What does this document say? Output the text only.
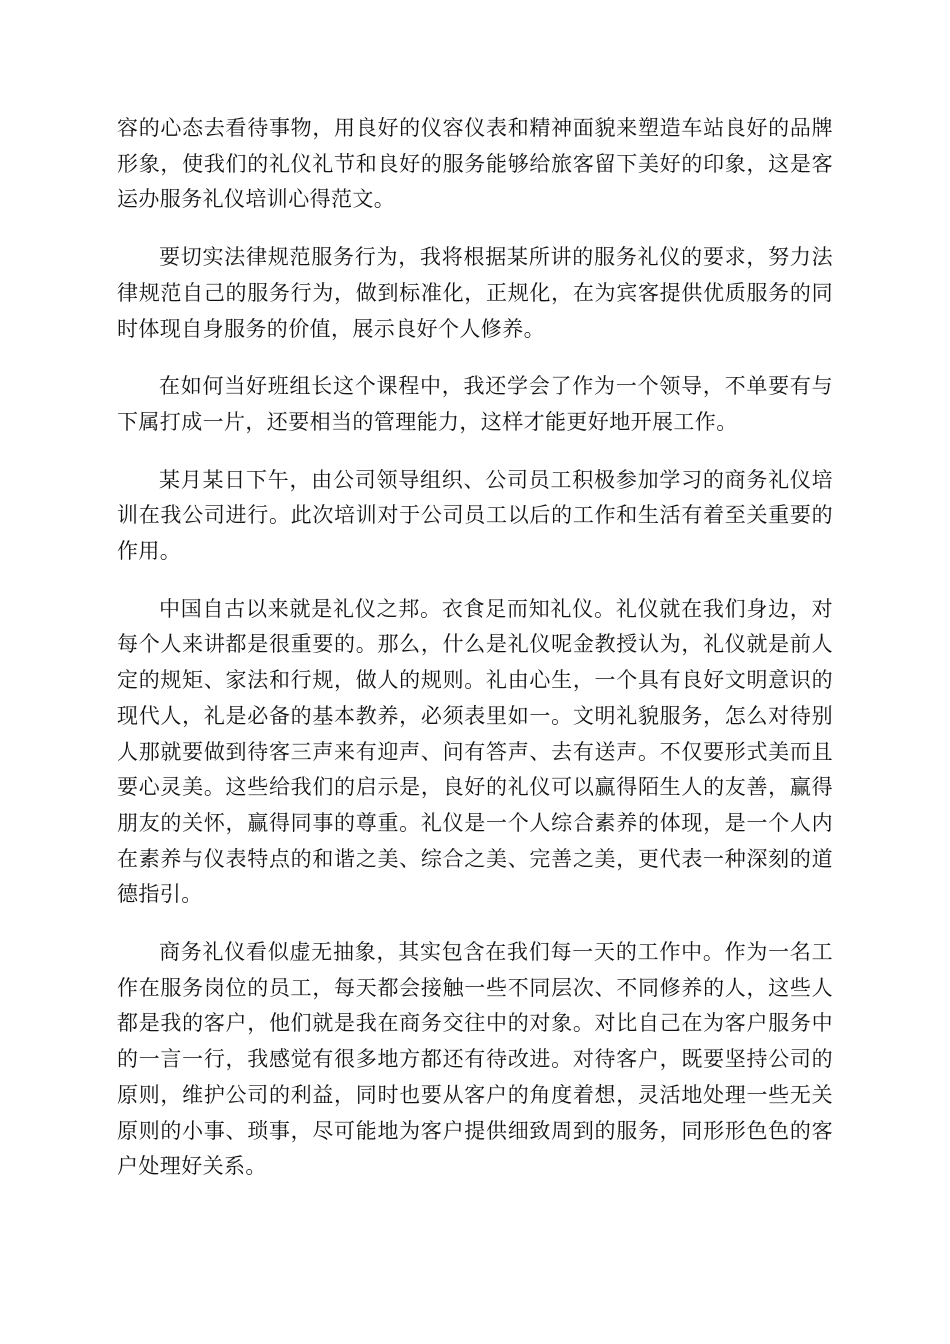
容的心态去看待事物，用良好的仪容仪表和精神面貌来塑造车站良好的品牌形象，使我们的礼仪礼节和良好的服务能够给旅客留下美好的印象，这是客运办服务礼仪培训心得范文。

要切实法律规范服务行为，我将根据某所讲的服务礼仪的要求，努力法律规范自己的服务行为，做到标准化，正规化，在为宾客提供优质服务的同时体现自身服务的价值，展示良好个人修养。

在如何当好班组长这个课程中，我还学会了作为一个领导，不单要有与下属打成一片，还要相当的管理能力，这样才能更好地开展工作。

某月某日下午，由公司领导组织、公司员工积极参加学习的商务礼仪培训在我公司进行。此次培训对于公司员工以后的工作和生活有着至关重要的作用。

中国自古以来就是礼仪之邦。衣食足而知礼仪。礼仪就在我们身边，对每个人来讲都是很重要的。那么，什么是礼仪呢金教授认为，礼仪就是前人定的规矩、家法和行规，做人的规则。礼由心生，一个具有良好文明意识的现代人，礼是必备的基本教养，必须表里如一。文明礼貌服务，怎么对待别人那就要做到待客三声来有迎声、问有答声、去有送声。不仅要形式美而且要心灵美。这些给我们的启示是，良好的礼仪可以赢得陌生人的友善，赢得朋友的关怀，赢得同事的尊重。礼仪是一个人综合素养的体现，是一个人内在素养与仪表特点的和谐之美、综合之美、完善之美，更代表一种深刻的道德指引。

商务礼仪看似虚无抽象，其实包含在我们每一天的工作中。作为一名工作在服务岗位的员工，每天都会接触一些不同层次、不同修养的人，这些人都是我的客户，他们就是我在商务交往中的对象。对比自己在为客户服务中的一言一行，我感觉有很多地方都还有待改进。对待客户，既要坚持公司的原则，维护公司的利益，同时也要从客户的角度着想，灵活地处理一些无关原则的小事、琐事，尽可能地为客户提供细致周到的服务，同形形色色的客户处理好关系。
